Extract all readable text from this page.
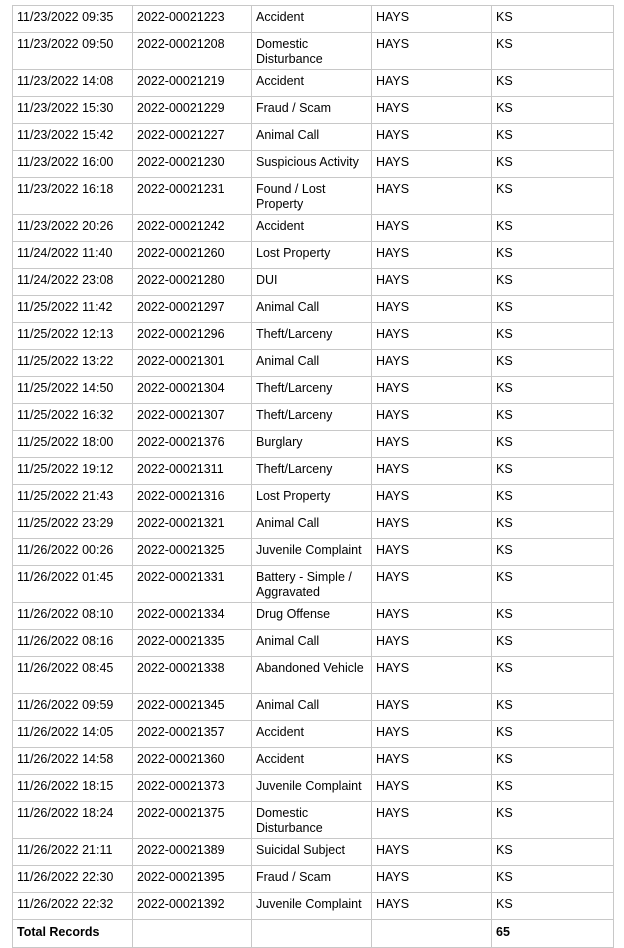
11/23/2022 09:35	2022-00021223	Accident	HAYS	KS
11/23/2022 09:50	2022-00021208	Domestic Disturbance	HAYS	KS
11/23/2022 14:08	2022-00021219	Accident	HAYS	KS
11/23/2022 15:30	2022-00021229	Fraud / Scam	HAYS	KS
11/23/2022 15:42	2022-00021227	Animal Call	HAYS	KS
11/23/2022 16:00	2022-00021230	Suspicious Activity	HAYS	KS
11/23/2022 16:18	2022-00021231	Found / Lost Property	HAYS	KS
11/23/2022 20:26	2022-00021242	Accident	HAYS	KS
11/24/2022 11:40	2022-00021260	Lost Property	HAYS	KS
11/24/2022 23:08	2022-00021280	DUI	HAYS	KS
11/25/2022 11:42	2022-00021297	Animal Call	HAYS	KS
11/25/2022 12:13	2022-00021296	Theft/Larceny	HAYS	KS
11/25/2022 13:22	2022-00021301	Animal Call	HAYS	KS
11/25/2022 14:50	2022-00021304	Theft/Larceny	HAYS	KS
11/25/2022 16:32	2022-00021307	Theft/Larceny	HAYS	KS
11/25/2022 18:00	2022-00021376	Burglary	HAYS	KS
11/25/2022 19:12	2022-00021311	Theft/Larceny	HAYS	KS
11/25/2022 21:43	2022-00021316	Lost Property	HAYS	KS
11/25/2022 23:29	2022-00021321	Animal Call	HAYS	KS
11/26/2022 00:26	2022-00021325	Juvenile Complaint	HAYS	KS
11/26/2022 01:45	2022-00021331	Battery - Simple / Aggravated	HAYS	KS
11/26/2022 08:10	2022-00021334	Drug Offense	HAYS	KS
11/26/2022 08:16	2022-00021335	Animal Call	HAYS	KS
11/26/2022 08:45	2022-00021338	Abandoned Vehicle	HAYS	KS
11/26/2022 09:59	2022-00021345	Animal Call	HAYS	KS
11/26/2022 14:05	2022-00021357	Accident	HAYS	KS
11/26/2022 14:58	2022-00021360	Accident	HAYS	KS
11/26/2022 18:15	2022-00021373	Juvenile Complaint	HAYS	KS
11/26/2022 18:24	2022-00021375	Domestic Disturbance	HAYS	KS
11/26/2022 21:11	2022-00021389	Suicidal Subject	HAYS	KS
11/26/2022 22:30	2022-00021395	Fraud / Scam	HAYS	KS
11/26/2022 22:32	2022-00021392	Juvenile Complaint	HAYS	KS
Total Records				65
